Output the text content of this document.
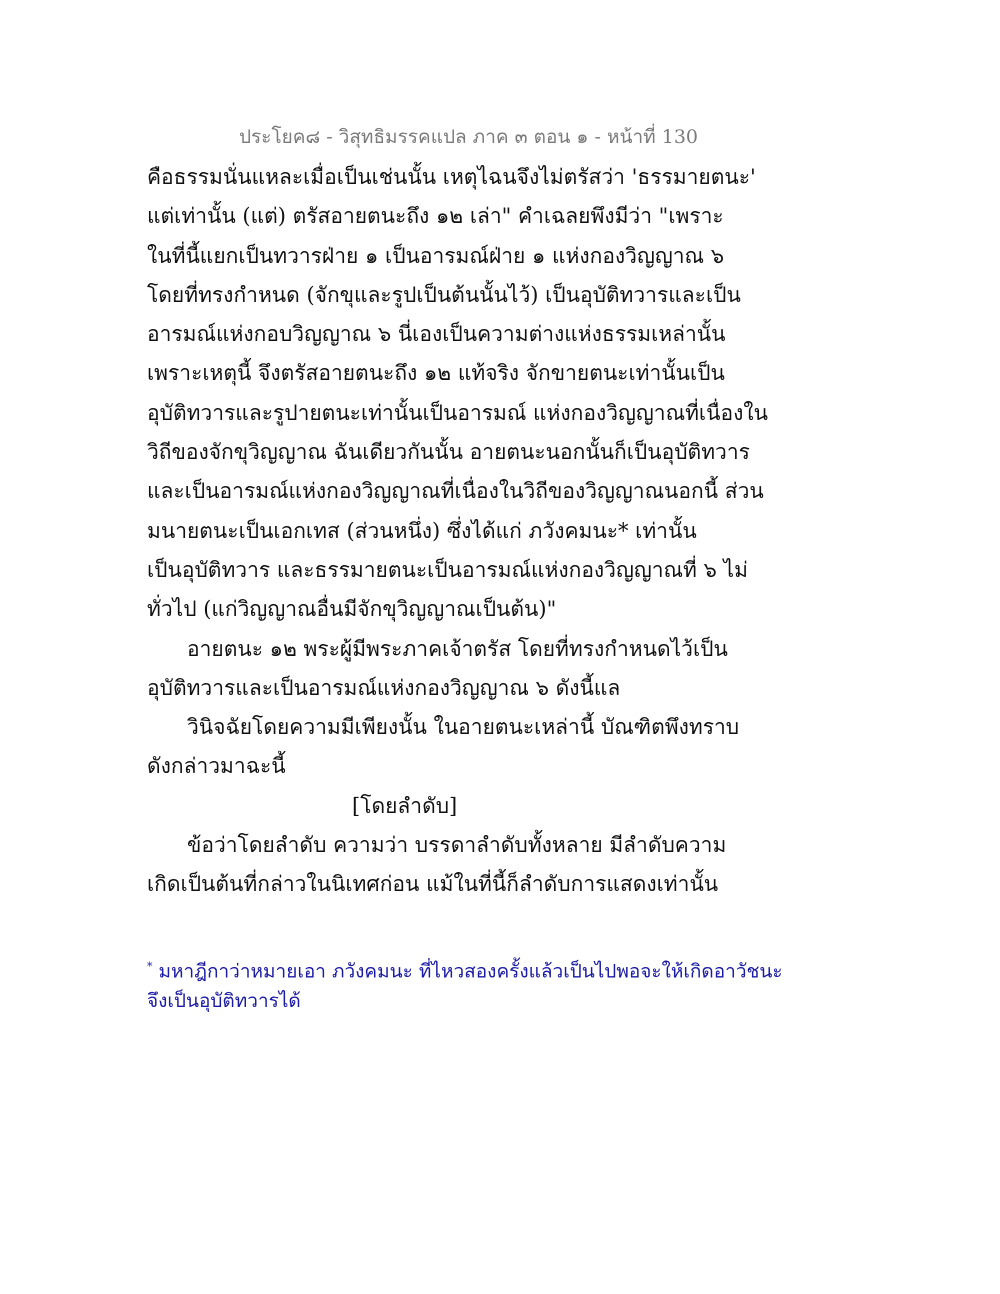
ประโยค๘ - วิสุทธิมรรคแปล ภาค ๓ ตอน ๑ - หน้าที่ 130
คือธรรมนั่นแหละเมื่อเป็นเช่นนั้น เหตุไฉนจึงไม่ตรัสว่า 'ธรรมายตนะ'
แต่เท่านั้น (แต่) ตรัสอายตนะถึง ๑๒ เล่า" คำเฉลยพึงมีว่า "เพราะ
ในที่นี้แยกเป็นทวารฝ่าย ๑ เป็นอารมณ์ฝ่าย ๑ แห่งกองวิญญาณ ๖
โดยที่ทรงกำหนด (จักขุและรูปเป็นต้นนั้นไว้) เป็นอุบัติทวารและเป็น
อารมณ์แห่งกอบวิญญาณ ๖ นี่เองเป็นความต่างแห่งธรรมเหล่านั้น
เพราะเหตุนี้ จึงตรัสอายตนะถึง ๑๒ แท้จริง จักขายตนะเท่านั้นเป็น
อุบัติทวารและรูปายตนะเท่านั้นเป็นอารมณ์ แห่งกองวิญญาณที่เนื่องใน
วิถีของจักขุวิญญาณ ฉันเดียวกันนั้น อายตนะนอกนั้นก็เป็นอุบัติทวาร
และเป็นอารมณ์แห่งกองวิญญาณที่เนื่องในวิถีของวิญญาณนอกนี้ ส่วน
มนายตนะเป็นเอกเทส (ส่วนหนึ่ง) ซึ่งได้แก่ ภวังคมนะ* เท่านั้น
เป็นอุบัติทวาร และธรรมายตนะเป็นอารมณ์แห่งกองวิญญาณที่ ๖ ไม่
ทั่วไป (แก่วิญญาณอื่นมีจักขุวิญญาณเป็นต้น)"
อายตนะ ๑๒ พระผู้มีพระภาคเจ้าตรัส โดยที่ทรงกำหนดไว้เป็น
อุบัติทวารและเป็นอารมณ์แห่งกองวิญญาณ ๖ ดังนี้แล
วินิจฉัยโดยความมีเพียงนั้น ในอายตนะเหล่านี้ บัณฑิตพึงทราบ
ดังกล่าวมาฉะนี้
[โดยลำดับ]
ข้อว่าโดยลำดับ ความว่า บรรดาลำดับทั้งหลาย มีลำดับความ
เกิดเป็นต้นที่กล่าวในนิเทศก่อน แม้ในที่นี้ก็ลำดับการแสดงเท่านั้น
* มหาฎีกาว่าหมายเอา ภวังคมนะ ที่ไหวสองครั้งแล้วเป็นไปพอจะให้เกิดอาวัชนะ
จึงเป็นอุบัติทวารได้
